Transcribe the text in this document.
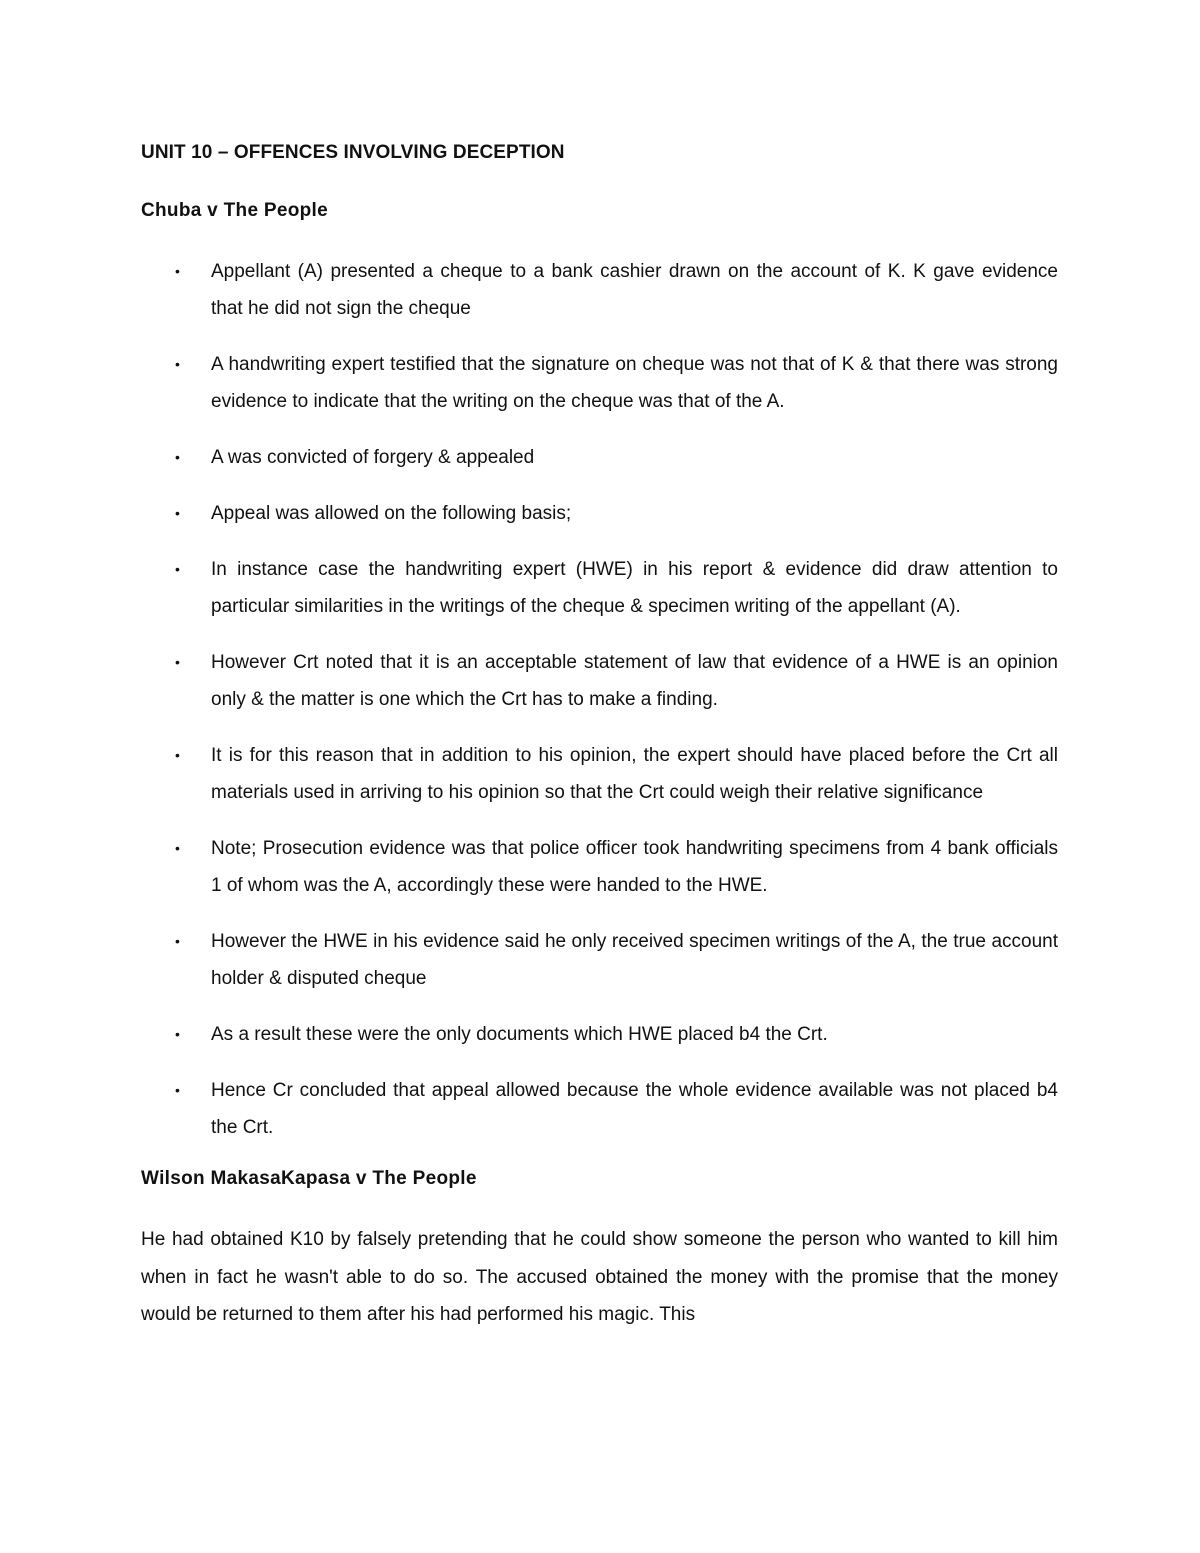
UNIT 10 – OFFENCES INVOLVING DECEPTION
Chuba v The People
• Appellant (A) presented a cheque to a bank cashier drawn on the account of K. K gave evidence that he did not sign the cheque
• A handwriting expert testified that the signature on cheque was not that of K & that there was strong evidence to indicate that the writing on the cheque was that of the A.
• A was convicted of forgery & appealed
• Appeal was allowed on the following basis;
• In instance case the handwriting expert (HWE) in his report & evidence did draw attention to particular similarities in the writings of the cheque & specimen writing of the appellant (A).
• However Crt noted that it is an acceptable statement of law that evidence of a HWE is an opinion only & the matter is one which the Crt has to make a finding.
• It is for this reason that in addition to his opinion, the expert should have placed before the Crt all materials used in arriving to his opinion so that the Crt could weigh their relative significance
• Note; Prosecution evidence was that police officer took handwriting specimens from 4 bank officials 1 of whom was the A, accordingly these were handed to the HWE.
• However the HWE in his evidence said he only received specimen writings of the A, the true account holder & disputed cheque
• As a result these were the only documents which HWE placed b4 the Crt.
• Hence Cr concluded that appeal allowed because the whole evidence available was not placed b4 the Crt.
Wilson MakasaKapasa v The People

He had obtained K10 by falsely pretending that he could show someone the person who wanted to kill him when in fact he wasn't able to do so. The accused obtained the money with the promise that the money would be returned to them after his had performed his magic. This
